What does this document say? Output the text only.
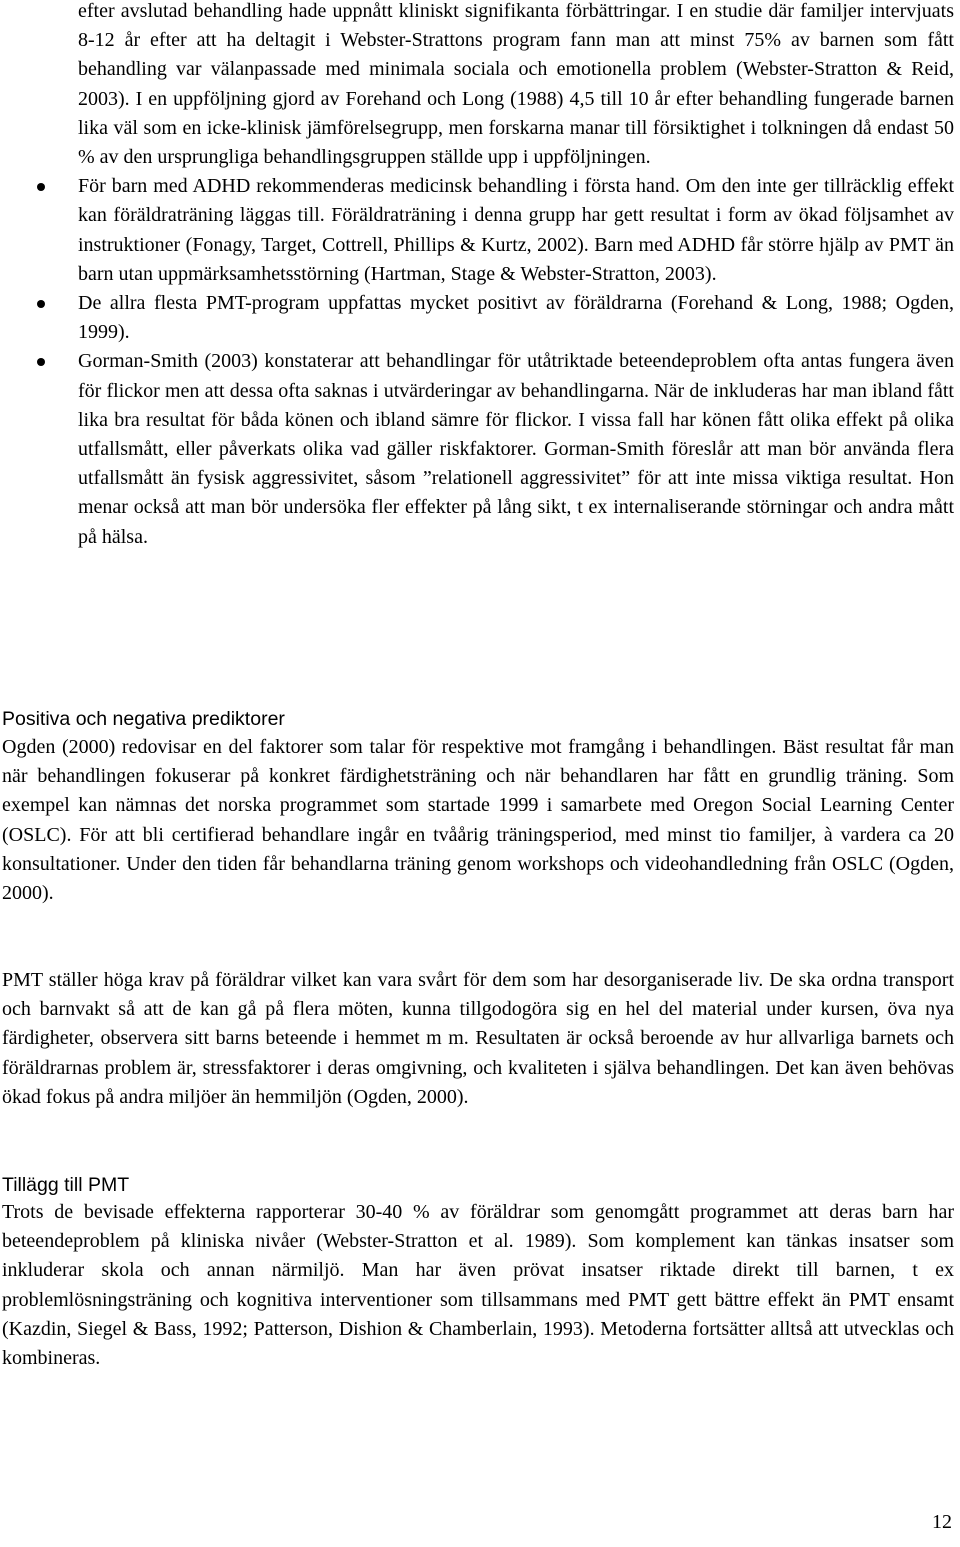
efter avslutad behandling hade uppnått kliniskt signifikanta förbättringar. I en studie där familjer intervjuats 8-12 år efter att ha deltagit i Webster-Strattons program fann man att minst 75% av barnen som fått behandling var välanpassade med minimala sociala och emotionella problem (Webster-Stratton & Reid, 2003). I en uppföljning gjord av Forehand och Long (1988) 4,5 till 10 år efter behandling fungerade barnen lika väl som en icke-klinisk jämförelsegrupp, men forskarna manar till försiktighet i tolkningen då endast 50 % av den ursprungliga behandlingsgruppen ställde upp i uppföljningen.

För barn med ADHD rekommenderas medicinsk behandling i första hand. Om den inte ger tillräcklig effekt kan föräldraträning läggas till. Föräldraträning i denna grupp har gett resultat i form av ökad följsamhet av instruktioner (Fonagy, Target, Cottrell, Phillips & Kurtz, 2002). Barn med ADHD får större hjälp av PMT än barn utan uppmärksamhetsstörning (Hartman, Stage & Webster-Stratton, 2003).

De allra flesta PMT-program uppfattas mycket positivt av föräldrarna (Forehand & Long, 1988; Ogden, 1999).

Gorman-Smith (2003) konstaterar att behandlingar för utåtriktade beteendeproblem ofta antas fungera även för flickor men att dessa ofta saknas i utvärderingar av behandlingarna. När de inkluderas har man ibland fått lika bra resultat för båda könen och ibland sämre för flickor. I vissa fall har könen fått olika effekt på olika utfallsmått, eller påverkats olika vad gäller riskfaktorer. Gorman-Smith föreslår att man bör använda flera utfallsmått än fysisk aggressivitet, såsom ”relationell aggressivitet” för att inte missa viktiga resultat. Hon menar också att man bör undersöka fler effekter på lång sikt, t ex internaliserande störningar och andra mått på hälsa.

Positiva och negativa prediktorer

Ogden (2000) redovisar en del faktorer som talar för respektive mot framgång i behandlingen. Bäst resultat får man när behandlingen fokuserar på konkret färdighetsträning och när behandlaren har fått en grundlig träning. Som exempel kan nämnas det norska programmet som startade 1999 i samarbete med Oregon Social Learning Center (OSLC). För att bli certifierad behandlare ingår en tvåårig träningsperiod, med minst tio familjer, à vardera ca 20 konsultationer. Under den tiden får behandlarna träning genom workshops och videohandledning från OSLC (Ogden, 2000).

PMT ställer höga krav på föräldrar vilket kan vara svårt för dem som har desorganiserade liv. De ska ordna transport och barnvakt så att de kan gå på flera möten, kunna tillgodogöra sig en hel del material under kursen, öva nya färdigheter, observera sitt barns beteende i hemmet m m. Resultaten är också beroende av hur allvarliga barnets och föräldrarnas problem är, stressfaktorer i deras omgivning, och kvaliteten i själva behandlingen. Det kan även behövas ökad fokus på andra miljöer än hemmiljön (Ogden, 2000).

Tillägg till PMT

Trots de bevisade effekterna rapporterar 30-40 % av föräldrar som genomgått programmet att deras barn har beteendeproblem på kliniska nivåer (Webster-Stratton et al. 1989). Som komplement kan tänkas insatser som inkluderar skola och annan närmiljö. Man har även prövat insatser riktade direkt till barnen, t ex problemlösningsträning och kognitiva interventioner som tillsammans med PMT gett bättre effekt än PMT ensamt (Kazdin, Siegel & Bass, 1992; Patterson, Dishion & Chamberlain, 1993). Metoderna fortsätter alltså att utvecklas och kombineras.

12
